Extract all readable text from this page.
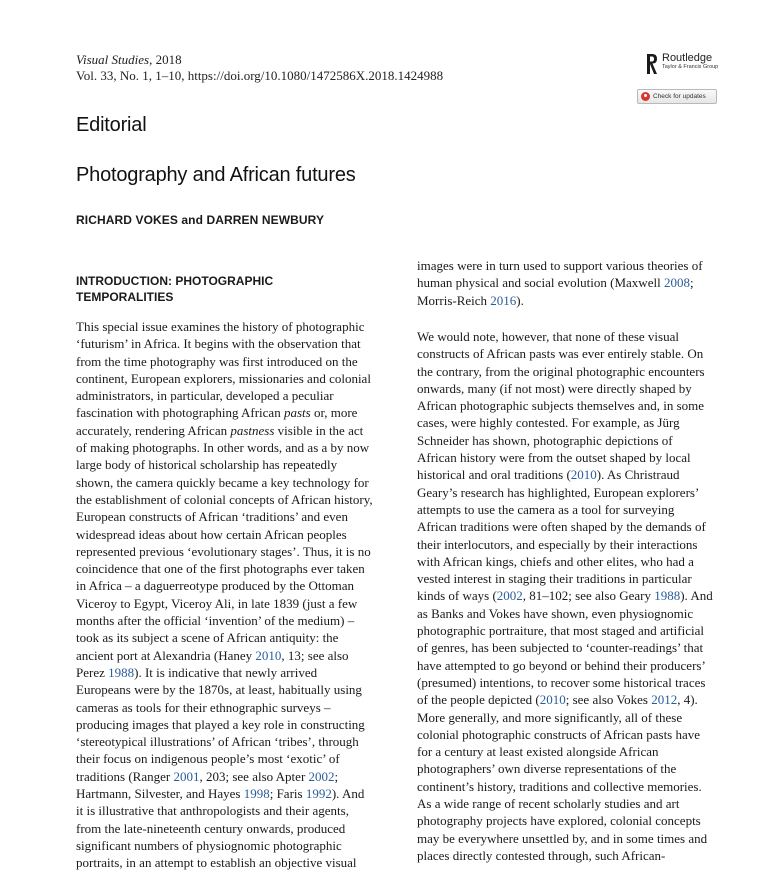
Visual Studies, 2018
Vol. 33, No. 1, 1–10, https://doi.org/10.1080/1472586X.2018.1424988
Routledge
Taylor & Francis Group
Check for updates
Editorial
Photography and African futures
RICHARD VOKES and DARREN NEWBURY
INTRODUCTION: PHOTOGRAPHIC
TEMPORALITIES
This special issue examines the history of photographic
‘futurism’ in Africa. It begins with the observation that
from the time photography was first introduced on the
continent, European explorers, missionaries and colonial
administrators, in particular, developed a peculiar
fascination with photographing African pasts or, more
accurately, rendering African pastness visible in the act
of making photographs. In other words, and as a by now
large body of historical scholarship has repeatedly
shown, the camera quickly became a key technology for
the establishment of colonial concepts of African history,
European constructs of African ‘traditions’ and even
widespread ideas about how certain African peoples
represented previous ‘evolutionary stages’. Thus, it is no
coincidence that one of the first photographs ever taken
in Africa – a daguerreotype produced by the Ottoman
Viceroy to Egypt, Viceroy Ali, in late 1839 (just a few
months after the official ‘invention’ of the medium) –
took as its subject a scene of African antiquity: the
ancient port at Alexandria (Haney 2010, 13; see also
Perez 1988). It is indicative that newly arrived
Europeans were by the 1870s, at least, habitually using
cameras as tools for their ethnographic surveys –
producing images that played a key role in constructing
‘stereotypical illustrations’ of African ‘tribes’, through
their focus on indigenous people’s most ‘exotic’ of
traditions (Ranger 2001, 203; see also Apter 2002;
Hartmann, Silvester, and Hayes 1998; Faris 1992). And
it is illustrative that anthropologists and their agents,
from the late-nineteenth century onwards, produced
significant numbers of physiognomic photographic
portraits, in an attempt to establish an objective visual
images were in turn used to support various theories of
human physical and social evolution (Maxwell 2008;
Morris-Reich 2016).
We would note, however, that none of these visual
constructs of African pasts was ever entirely stable. On
the contrary, from the original photographic encounters
onwards, many (if not most) were directly shaped by
African photographic subjects themselves and, in some
cases, were highly contested. For example, as Jürg
Schneider has shown, photographic depictions of
African history were from the outset shaped by local
historical and oral traditions (2010). As Christraud
Geary’s research has highlighted, European explorers’
attempts to use the camera as a tool for surveying
African traditions were often shaped by the demands of
their interlocutors, and especially by their interactions
with African kings, chiefs and other elites, who had a
vested interest in staging their traditions in particular
kinds of ways (2002, 81–102; see also Geary 1988). And
as Banks and Vokes have shown, even physiognomic
photographic portraiture, that most staged and artificial
of genres, has been subjected to ‘counter-readings’ that
have attempted to go beyond or behind their producers’
(presumed) intentions, to recover some historical traces
of the people depicted (2010; see also Vokes 2012, 4).
More generally, and more significantly, all of these
colonial photographic constructs of African pasts have
for a century at least existed alongside African
photographers’ own diverse representations of the
continent’s history, traditions and collective memories.
As a wide range of recent scholarly studies and art
photography projects have explored, colonial concepts
may be everywhere unsettled by, and in some times and
places directly contested through, such African-
